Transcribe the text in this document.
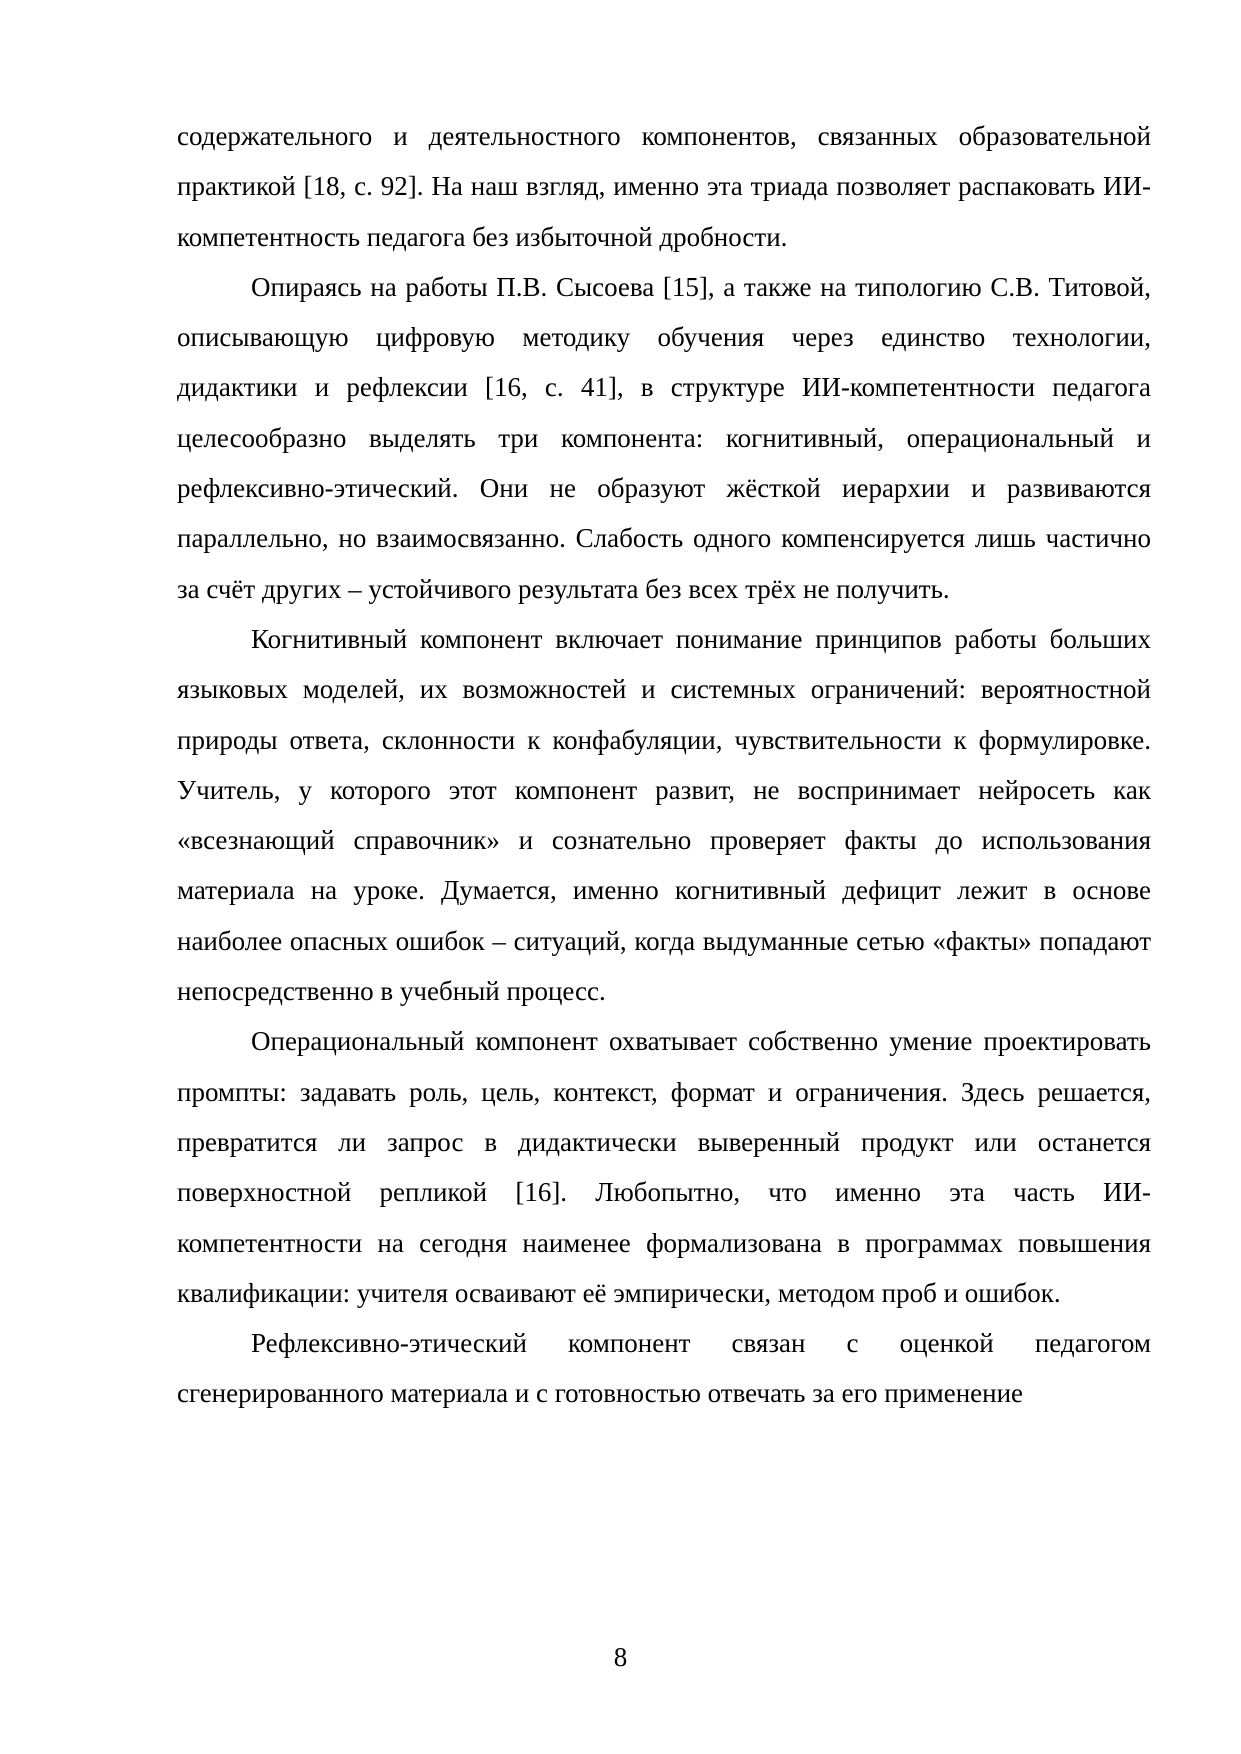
содержательного и деятельностного компонентов, связанных образовательной практикой [18, с. 92]. На наш взгляд, именно эта триада позволяет распаковать ИИ-компетентность педагога без избыточной дробности.

Опираясь на работы П.В. Сысоева [15], а также на типологию С.В. Титовой, описывающую цифровую методику обучения через единство технологии, дидактики и рефлексии [16, с. 41], в структуре ИИ-компетентности педагога целесообразно выделять три компонента: когнитивный, операциональный и рефлексивно-этический. Они не образуют жёсткой иерархии и развиваются параллельно, но взаимосвязанно. Слабость одного компенсируется лишь частично за счёт других – устойчивого результата без всех трёх не получить.

Когнитивный компонент включает понимание принципов работы больших языковых моделей, их возможностей и системных ограничений: вероятностной природы ответа, склонности к конфабуляции, чувствительности к формулировке. Учитель, у которого этот компонент развит, не воспринимает нейросеть как «всезнающий справочник» и сознательно проверяет факты до использования материала на уроке. Думается, именно когнитивный дефицит лежит в основе наиболее опасных ошибок – ситуаций, когда выдуманные сетью «факты» попадают непосредственно в учебный процесс.

Операциональный компонент охватывает собственно умение проектировать промпты: задавать роль, цель, контекст, формат и ограничения. Здесь решается, превратится ли запрос в дидактически выверенный продукт или останется поверхностной репликой [16]. Любопытно, что именно эта часть ИИ-компетентности на сегодня наименее формализована в программах повышения квалификации: учителя осваивают её эмпирически, методом проб и ошибок.

Рефлексивно-этический компонент связан с оценкой педагогом сгенерированного материала и с готовностью отвечать за его применение

8
